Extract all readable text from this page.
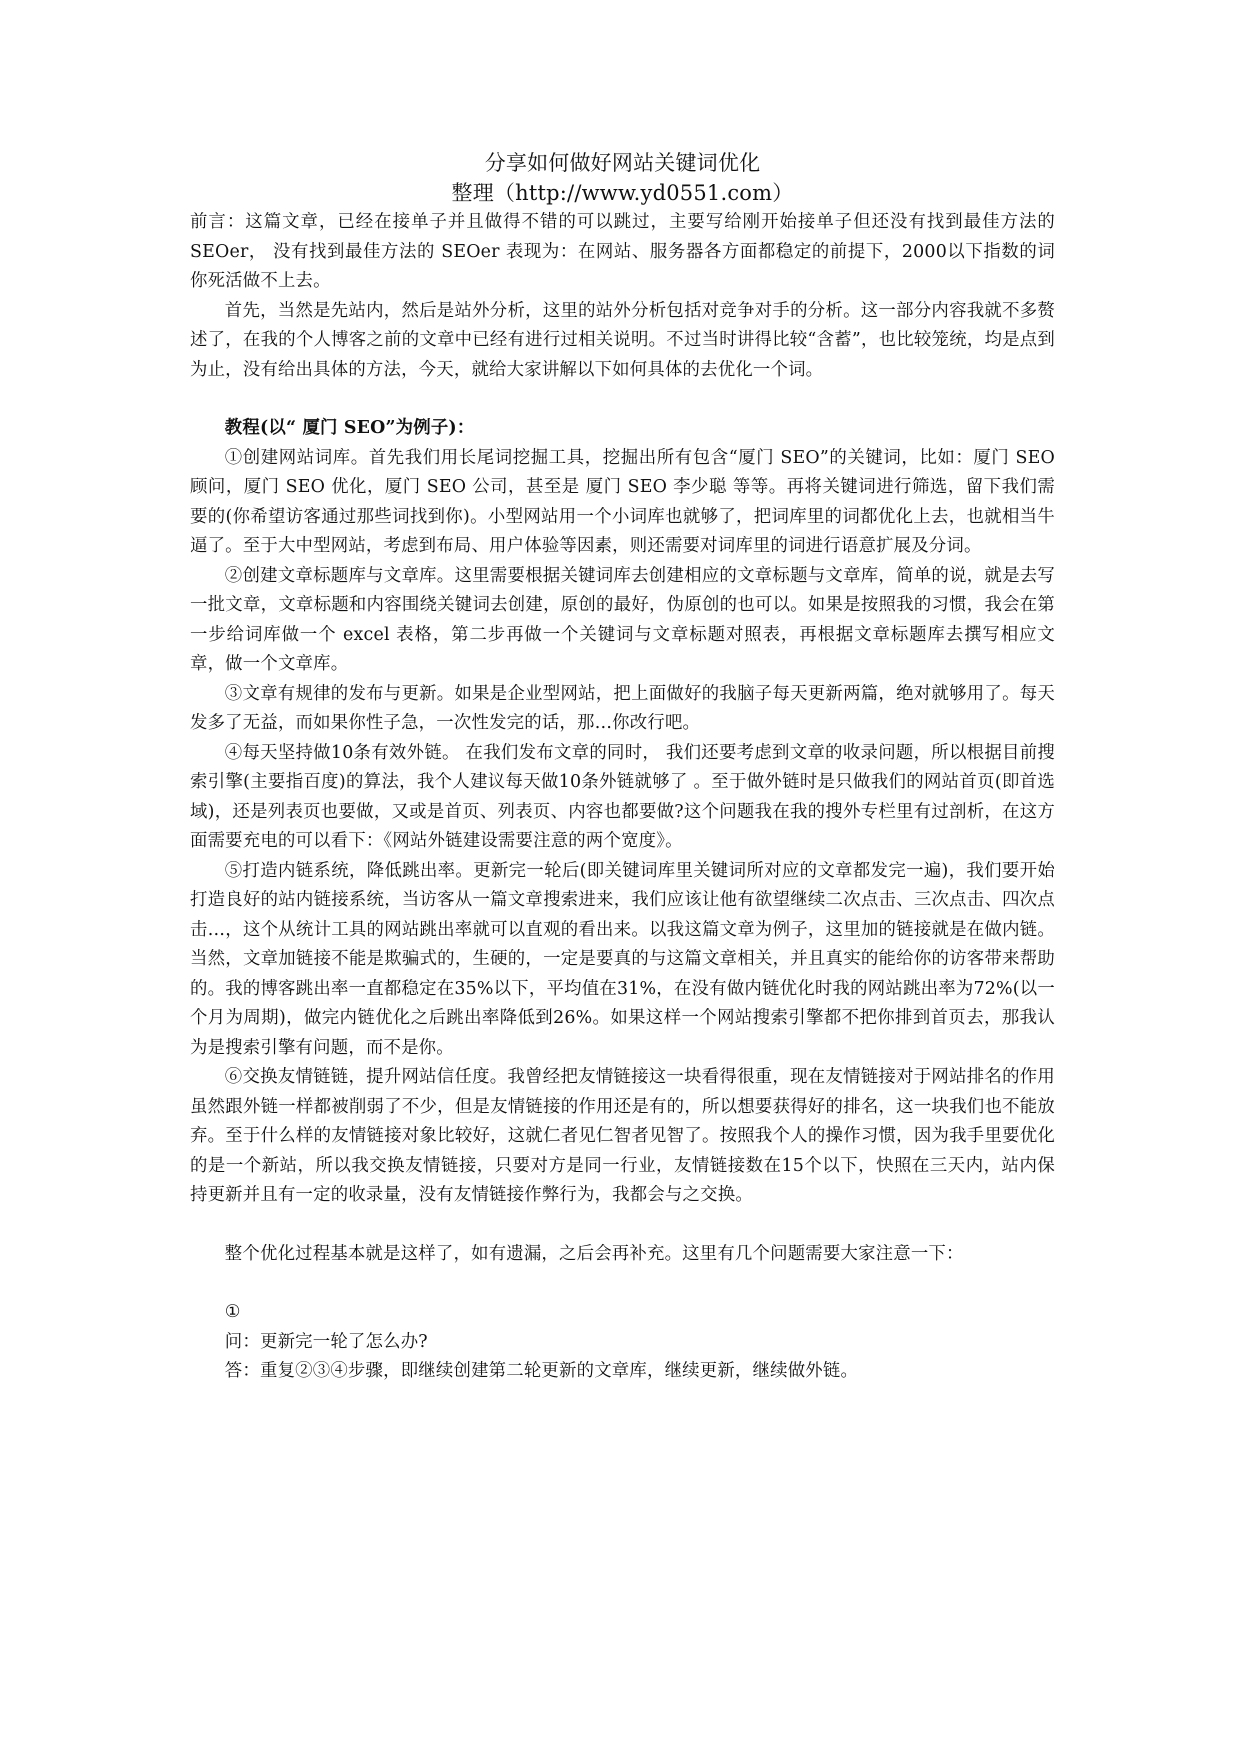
分享如何做好网站关键词优化
整理（http://www.yd0551.com）

前言：这篇文章，已经在接单子并且做得不错的可以跳过，主要写给刚开始接单子但还没有找到最佳方法的 SEOer， 没有找到最佳方法的 SEOer 表现为：在网站、服务器各方面都稳定的前提下，2000以下指数的词你死活做不上去。

首先，当然是先站内，然后是站外分析，这里的站外分析包括对竞争对手的分析。这一部分内容我就不多赘述了，在我的个人博客之前的文章中已经有进行过相关说明。不过当时讲得比较“含蓄”，也比较笼统，均是点到为止，没有给出具体的方法，今天，就给大家讲解以下如何具体的去优化一个词。

教程(以“ 厦门 SEO”为例子)：

①创建网站词库。首先我们用长尾词挖掘工具，挖掘出所有包含“厦门 SEO”的关键词，比如：厦门 SEO 顾问，厦门 SEO 优化，厦门 SEO 公司，甚至是 厦门 SEO 李少聪 等等。再将关键词进行筛选，留下我们需要的(你希望访客通过那些词找到你)。小型网站用一个小词库也就够了，把词库里的词都优化上去，也就相当牛逼了。至于大中型网站，考虑到布局、用户体验等因素，则还需要对词库里的词进行语意扩展及分词。

②创建文章标题库与文章库。这里需要根据关键词库去创建相应的文章标题与文章库，简单的说，就是去写一批文章，文章标题和内容围绕关键词去创建，原创的最好，伪原创的也可以。如果是按照我的习惯，我会在第一步给词库做一个 excel 表格，第二步再做一个关键词与文章标题对照表，再根据文章标题库去撰写相应文章，做一个文章库。

③文章有规律的发布与更新。如果是企业型网站，把上面做好的我脑子每天更新两篇，绝对就够用了。每天发多了无益，而如果你性子急，一次性发完的话，那…你改行吧。

④每天坚持做10条有效外链。 在我们发布文章的同时， 我们还要考虑到文章的收录问题，所以根据目前搜索引擎(主要指百度)的算法，我个人建议每天做10条外链就够了 。至于做外链时是只做我们的网站首页(即首选域)，还是列表页也要做，又或是首页、列表页、内容也都要做?这个问题我在我的搜外专栏里有过剖析，在这方面需要充电的可以看下：《网站外链建设需要注意的两个宽度》。

⑤打造内链系统，降低跳出率。更新完一轮后(即关键词库里关键词所对应的文章都发完一遍)，我们要开始打造良好的站内链接系统，当访客从一篇文章搜索进来，我们应该让他有欲望继续二次点击、三次点击、四次点击…，这个从统计工具的网站跳出率就可以直观的看出来。以我这篇文章为例子，这里加的链接就是在做内链。当然，文章加链接不能是欺骗式的，生硬的，一定是要真的与这篇文章相关，并且真实的能给你的访客带来帮助的。我的博客跳出率一直都稳定在35%以下，平均值在31%，在没有做内链优化时我的网站跳出率为72%(以一个月为周期)，做完内链优化之后跳出率降低到26%。如果这样一个网站搜索引擎都不把你排到首页去，那我认为是搜索引擎有问题，而不是你。

⑥交换友情链链，提升网站信任度。我曾经把友情链接这一块看得很重，现在友情链接对于网站排名的作用虽然跟外链一样都被削弱了不少，但是友情链接的作用还是有的，所以想要获得好的排名，这一块我们也不能放弃。至于什么样的友情链接对象比较好，这就仁者见仁智者见智了。按照我个人的操作习惯，因为我手里要优化的是一个新站，所以我交换友情链接，只要对方是同一行业，友情链接数在15个以下，快照在三天内，站内保持更新并且有一定的收录量，没有友情链接作弊行为，我都会与之交换。

整个优化过程基本就是这样了，如有遗漏，之后会再补充。这里有几个问题需要大家注意一下：

①

问：更新完一轮了怎么办?

答：重复②③④步骤，即继续创建第二轮更新的文章库，继续更新，继续做外链。
